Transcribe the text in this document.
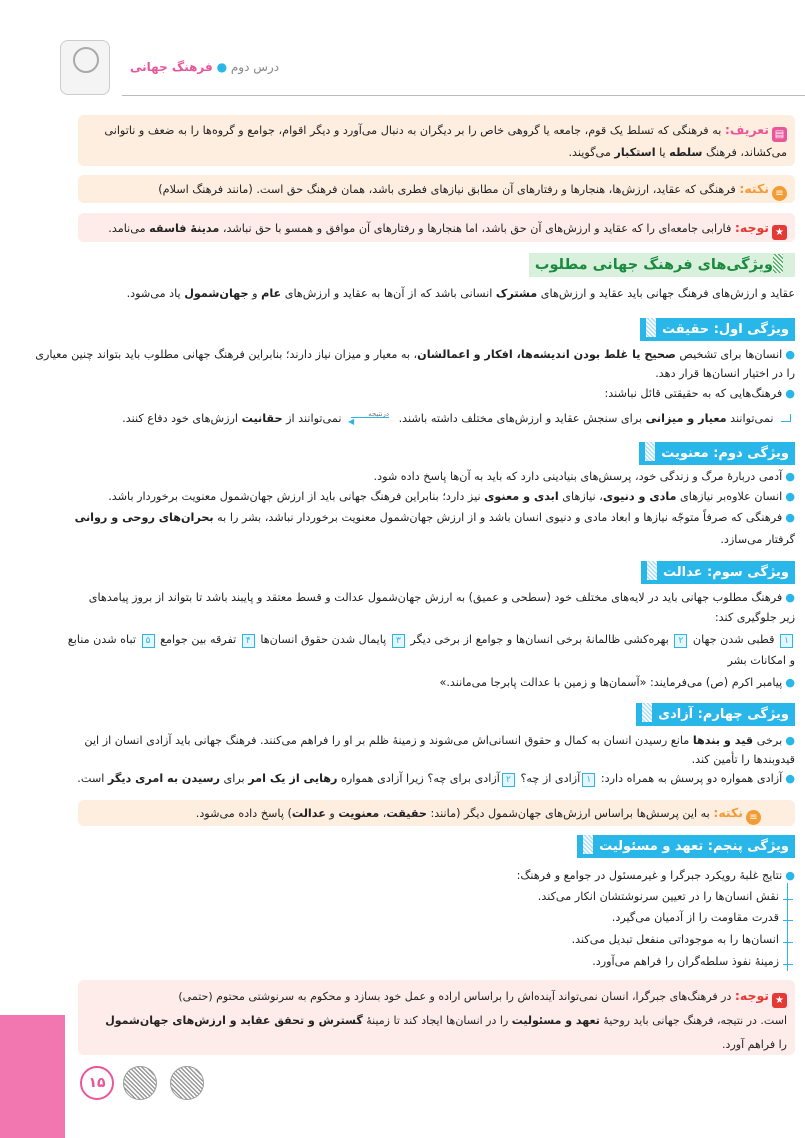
درس دوم ● فرهنگ جهانی
▤تعریف: به فرهنگی که تسلط یک قوم، جامعه یا گروهی خاص را بر دیگران به دنبال می‌آورد و دیگر اقوام، جوامع و گروه‌ها را به ضعف و ناتوانی می‌کشاند، فرهنگ سلطه یا استکبار می‌گویند.
≡نکته: فرهنگی که عقاید، ارزش‌ها، هنجارها و رفتارهای آن مطابق نیازهای فطری باشد، همان فرهنگ حق است. (مانند فرهنگ اسلام)
★توجه: فارابی جامعه‌ای را که عقاید و ارزش‌های آن حق باشد، اما هنجارها و رفتارهای آن موافق و همسو با حق نباشد، مدینهٔ فاسقه می‌نامد.
ویژگی‌های فرهنگ جهانی مطلوب
عقاید و ارزش‌های فرهنگ جهانی باید عقاید و ارزش‌های مشترک انسانی باشد که از آن‌ها به عقاید و ارزش‌های عام و جهان‌شمول یاد می‌شود.
ویژگی اول: حقیقت
●انسان‌ها برای تشخیص صحیح یا غلط بودن اندیشه‌ها، افکار و اعمالشان، به معیار و میزان نیاز دارند؛ بنابراین فرهنگ جهانی مطلوب باید بتواند چنین معیاری
را در اختیار انسان‌ها قرار دهد.
●فرهنگ‌هایی که به حقیقتی قائل نباشند:
نمی‌توانند معیار و میزانی برای سنجش عقاید و ارزش‌های مختلف داشته باشند.
◀
درنتیجه
نمی‌توانند از حقانیت ارزش‌های خود دفاع کنند.
ویژگی دوم: معنویت
●آدمی دربارهٔ مرگ و زندگی خود، پرسش‌های بنیادینی دارد که باید به آن‌ها پاسخ داده شود.
●انسان علاوه‌بر نیازهای مادی و دنیوی، نیازهای ابدی و معنوی نیز دارد؛ بنابراین فرهنگ جهانی باید از ارزش جهان‌شمول معنویت برخوردار باشد.
●فرهنگی که صرفاً متوجّه نیازها و ابعاد مادی و دنیوی انسان باشد و از ارزش جهان‌شمول معنویت برخوردار نباشد، بشر را به بحران‌های روحی و روانی
گرفتار می‌سازد.
ویژگی سوم: عدالت
●فرهنگ مطلوب جهانی باید در لایه‌های مختلف خود (سطحی و عمیق) به ارزش جهان‌شمول عدالت و قسط معتقد و پایبند باشد تا بتواند از بروز پیامدهای
زیر جلوگیری کند:
۱ قطبی شدن جهان ۲ بهره‌کشی ظالمانهٔ برخی انسان‌ها و جوامع از برخی دیگر ۳ پایمال شدن حقوق انسان‌ها ۴ تفرقه بین جوامع ۵ تباه شدن منابع
و امکانات بشر
●پیامبر اکرم (ص) می‌فرمایند: «آسمان‌ها و زمین با عدالت پابرجا می‌مانند.»
ویژگی چهارم: آزادی
●برخی قید و بندها مانع رسیدن انسان به کمال و حقوق انسانی‌اش می‌شوند و زمینهٔ ظلم بر او را فراهم می‌کنند. فرهنگ جهانی باید آزادی انسان از این
قیدوبندها را تأمین کند.
●آزادی همواره دو پرسش به همراه دارد: ۱آزادی از چه؟ ۲آزادی برای چه؟ زیرا آزادی همواره رهایی از یک امر برای رسیدن به امری دیگر است.
≡نکته: به این پرسش‌ها براساس ارزش‌های جهان‌شمول دیگر (مانند: حقیقت، معنویت و عدالت) پاسخ داده می‌شود.
ویژگی پنجم: تعهد و مسئولیت
●نتایج غلبهٔ رویکرد جبرگرا و غیرمسئول در جوامع و فرهنگ:
نقش انسان‌ها را در تعیین سرنوشتشان انکار می‌کند.
قدرت مقاومت را از آدمیان می‌گیرد.
انسان‌ها را به موجوداتی منفعل تبدیل می‌کند.
زمینهٔ نفوذ سلطه‌گران را فراهم می‌آورد.
★توجه: در فرهنگ‌های جبرگرا، انسان نمی‌تواند آینده‌اش را براساس اراده و عمل خود بسازد و محکوم به سرنوشتی محتوم (حتمی)
است. در نتیجه، فرهنگ جهانی باید روحیهٔ تعهد و مسئولیت را در انسان‌ها ایجاد کند تا زمینهٔ گسترش و تحقق عقاید و ارزش‌های جهان‌شمول
را فراهم آورد.
۱۵
